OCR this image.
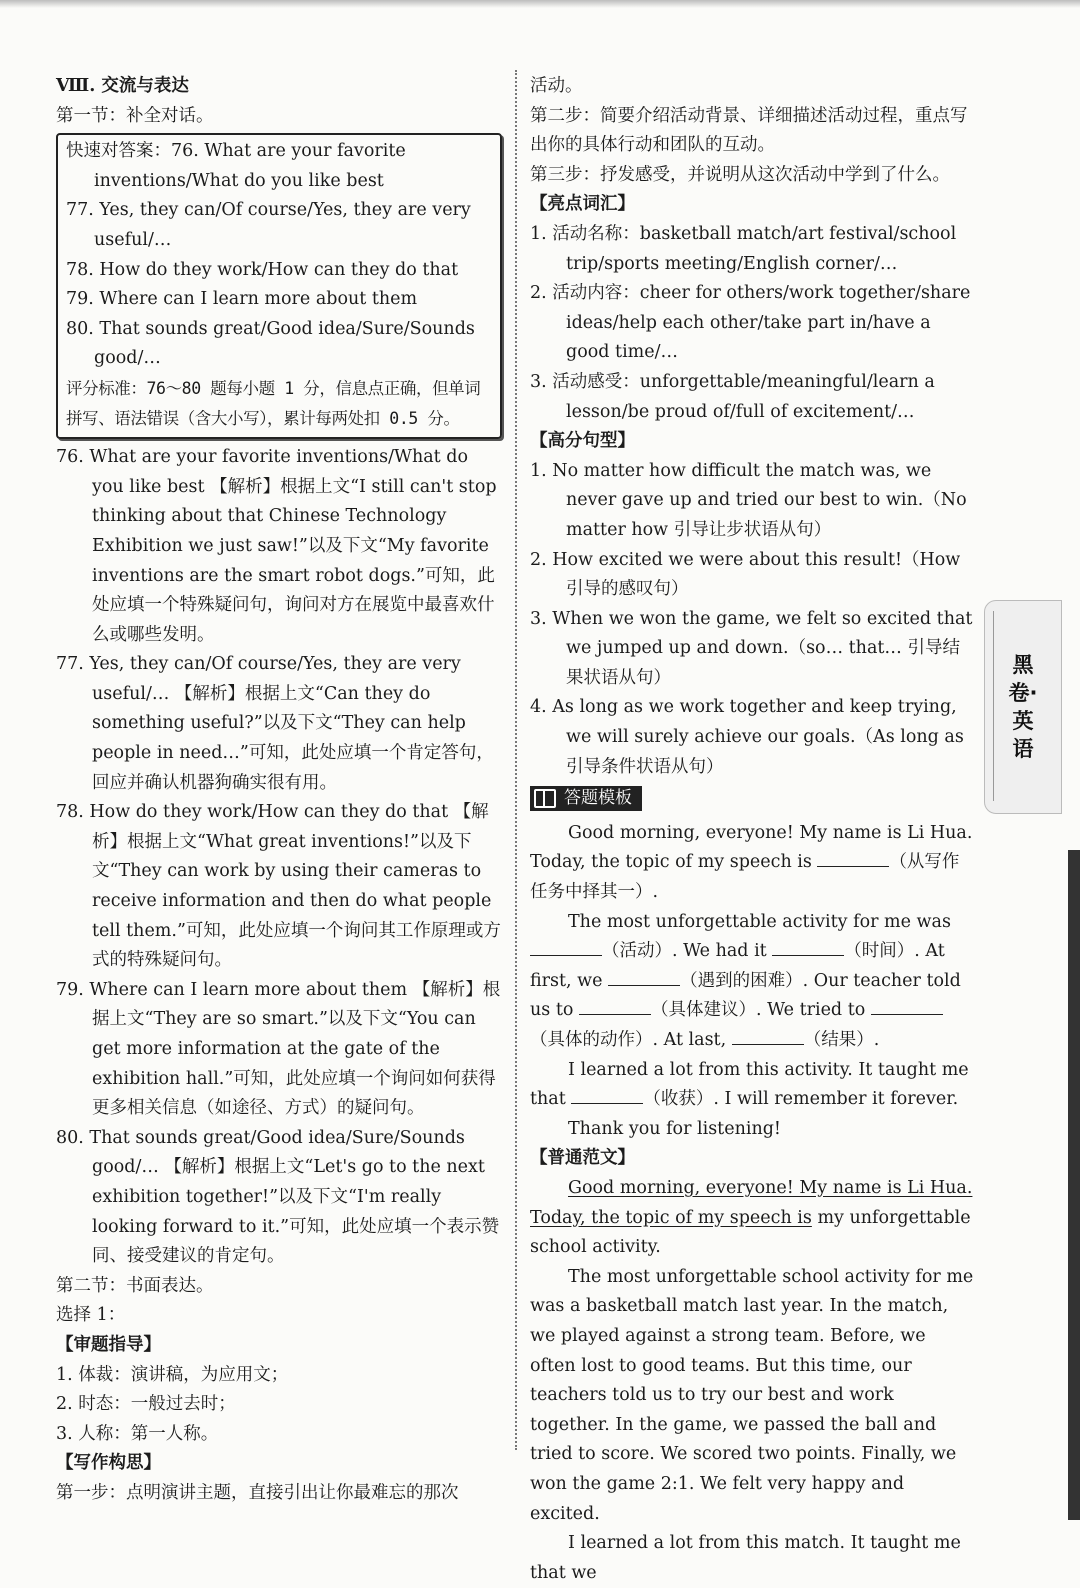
Ⅷ. 交流与表达

第一节：补全对话。

快速对答案：76. What are your favorite inventions/What do you like best

77. Yes, they can/Of course/Yes, they are very useful/…

78. How do they work/How can they do that

79. Where can I learn more about them

80. That sounds great/Good idea/Sure/Sounds good/…

评分标准：76～80 题每小题 1 分，信息点正确，但单词拼写、语法错误（含大小写），累计每两处扣 0.5 分。

76. What are your favorite inventions/What do you like best 【解析】根据上文“I still can't stop thinking about that Chinese Technology Exhibition we just saw!”以及下文“My favorite inventions are the smart robot dogs.”可知，此处应填一个特殊疑问句，询问对方在展览中最喜欢什么或哪些发明。

77. Yes, they can/Of course/Yes, they are very useful/… 【解析】根据上文“Can they do something useful?”以及下文“They can help people in need…”可知，此处应填一个肯定答句，回应并确认机器狗确实很有用。

78. How do they work/How can they do that 【解析】根据上文“What great inventions!”以及下文“They can work by using their cameras to receive information and then do what people tell them.”可知，此处应填一个询问其工作原理或方式的特殊疑问句。

79. Where can I learn more about them 【解析】根据上文“They are so smart.”以及下文“You can get more information at the gate of the exhibition hall.”可知，此处应填一个询问如何获得更多相关信息（如途径、方式）的疑问句。

80. That sounds great/Good idea/Sure/Sounds good/… 【解析】根据上文“Let's go to the next exhibition together!”以及下文“I'm really looking forward to it.”可知，此处应填一个表示赞同、接受建议的肯定句。

第二节：书面表达。

选择 1：

【审题指导】

1. 体裁：演讲稿，为应用文；

2. 时态：一般过去时；

3. 人称：第一人称。

【写作构思】

第一步：点明演讲主题，直接引出让你最难忘的那次

活动。

第二步：简要介绍活动背景、详细描述活动过程，重点写出你的具体行动和团队的互动。

第三步：抒发感受，并说明从这次活动中学到了什么。

【亮点词汇】

1. 活动名称：basketball match/art festival/school trip/sports meeting/English corner/…

2. 活动内容：cheer for others/work together/share ideas/help each other/take part in/have a good time/…

3. 活动感受：unforgettable/meaningful/learn a lesson/be proud of/full of excitement/…

【高分句型】

1. No matter how difficult the match was, we never gave up and tried our best to win.（No matter how 引导让步状语从句）

2. How excited we were about this result!（How 引导的感叹句）

3. When we won the game, we felt so excited that we jumped up and down.（so… that… 引导结果状语从句）

4. As long as we work together and keep trying, we will surely achieve our goals.（As long as 引导条件状语从句）

答题模板

Good morning, everyone! My name is Li Hua. Today, the topic of my speech is	（从写作任务中择其一）.

The most unforgettable activity for me was （活动）. We had it	（时间）. At first, we	（遇到的困难）. Our teacher told us to	（具体建议）. We tried to （具体的动作）. At last,	（结果）.

I learned a lot from this activity. It taught me that	（收获）. I will remember it forever.

Thank you for listening!

【普通范文】

Good morning, everyone! My name is Li Hua. Today, the topic of my speech is my unforgettable school activity.

The most unforgettable school activity for me was a basketball match last year. In the match, we played against a strong team. Before, we often lost to good teams. But this time, our teachers told us to try our best and work together. In the game, we passed the ball and tried to score. We scored two points. Finally, we won the game 2:1. We felt very happy and excited.

I learned a lot from this match. It taught me that we

黑卷·英语
